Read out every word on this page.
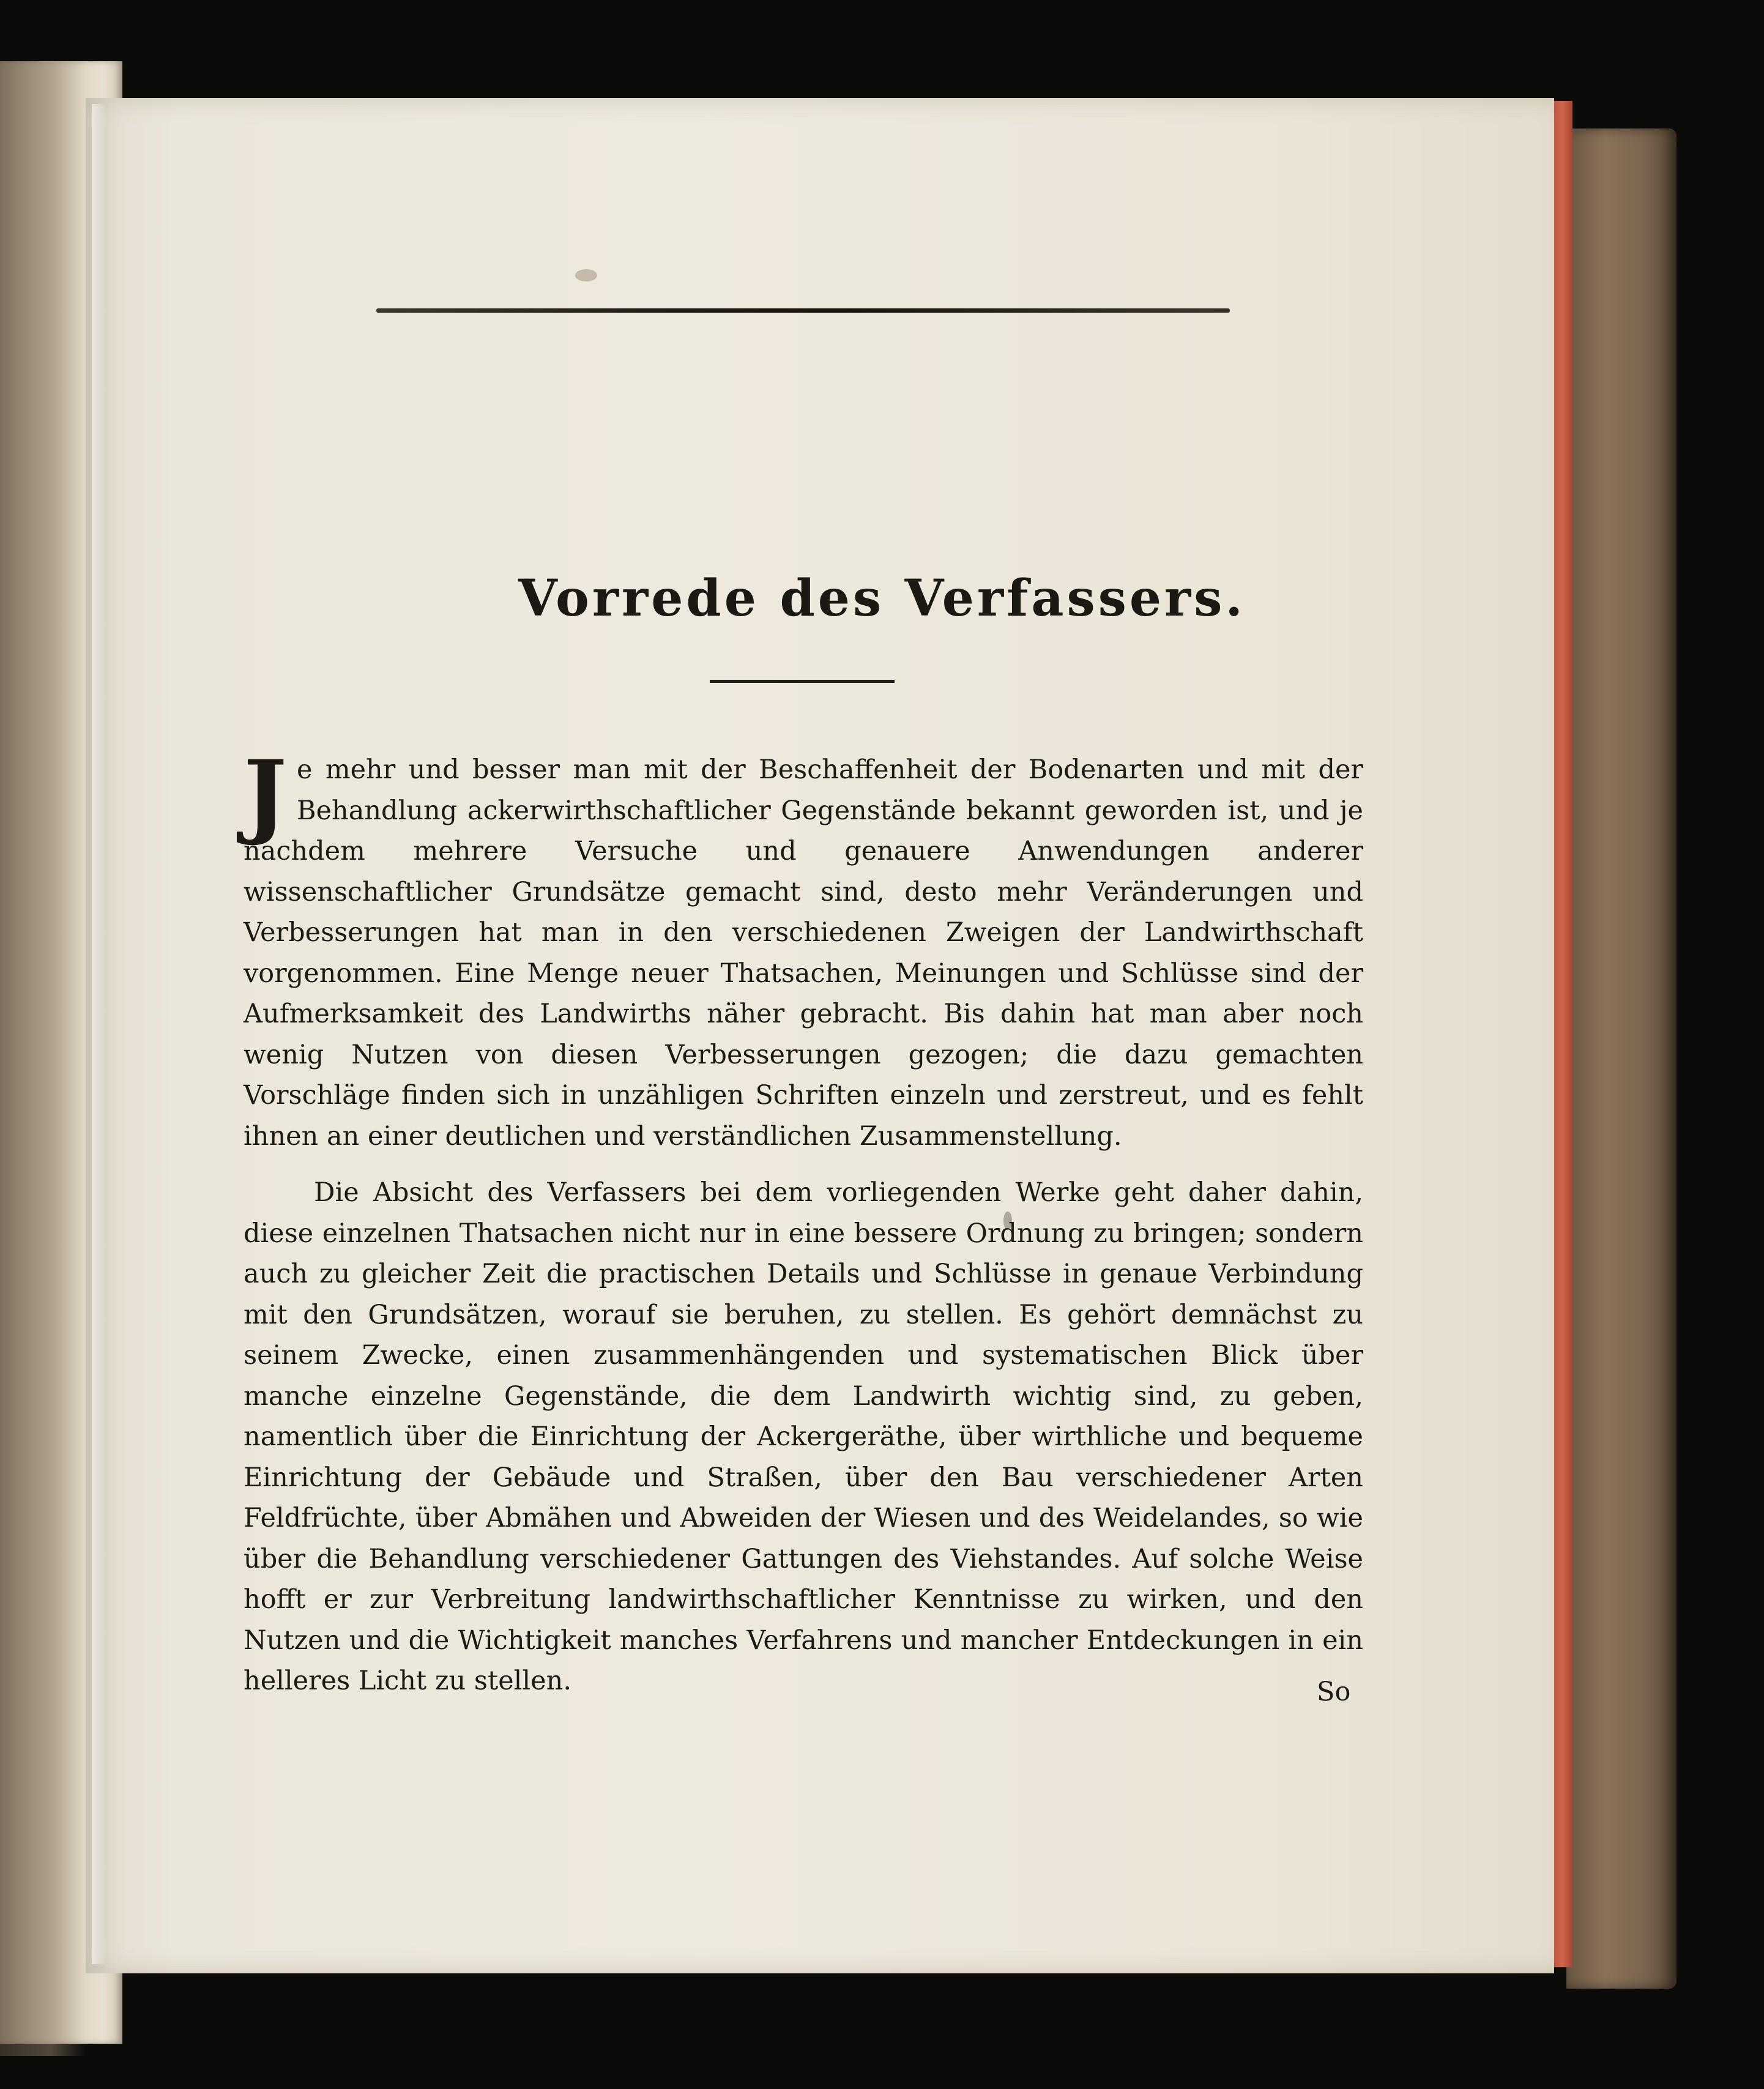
Vorrede des Verfassers.

J e mehr und besser man mit der Beschaffenheit der Bodenarten und mit der Behandlung ackerwirthschaftlicher Gegenstände bekannt geworden ist, und je nachdem mehrere Versuche und genauere Anwendungen anderer wissenschaftlicher Grundsätze gemacht sind, desto mehr Veränderungen und Verbesserungen hat man in den verschiedenen Zweigen der Landwirthschaft vorgenommen. Eine Menge neuer Thatsachen, Meinungen und Schlüsse sind der Aufmerksamkeit des Landwirths näher gebracht. Bis dahin hat man aber noch wenig Nutzen von diesen Verbesserungen gezogen; die dazu gemachten Vorschläge finden sich in unzähligen Schriften einzeln und zerstreut, und es fehlt ihnen an einer deutlichen und verständlichen Zusammenstellung.

Die Absicht des Verfassers bei dem vorliegenden Werke geht daher dahin, diese einzelnen Thatsachen nicht nur in eine bessere Ordnung zu bringen; sondern auch zu gleicher Zeit die practischen Details und Schlüsse in genaue Verbindung mit den Grundsätzen, worauf sie beruhen, zu stellen. Es gehört demnächst zu seinem Zwecke, einen zusammenhängenden und systematischen Blick über manche einzelne Gegenstände, die dem Landwirth wichtig sind, zu geben, namentlich über die Einrichtung der Ackergeräthe, über wirthliche und bequeme Einrichtung der Gebäude und Straßen, über den Bau verschiedener Arten Feldfrüchte, über Abmähen und Abweiden der Wiesen und des Weidelandes, so wie über die Behandlung verschiedener Gattungen des Viehstandes. Auf solche Weise hofft er zur Verbreitung landwirthschaftlicher Kenntnisse zu wirken, und den Nutzen und die Wichtigkeit manches Verfahrens und mancher Entdeckungen in ein helleres Licht zu stellen.	So
